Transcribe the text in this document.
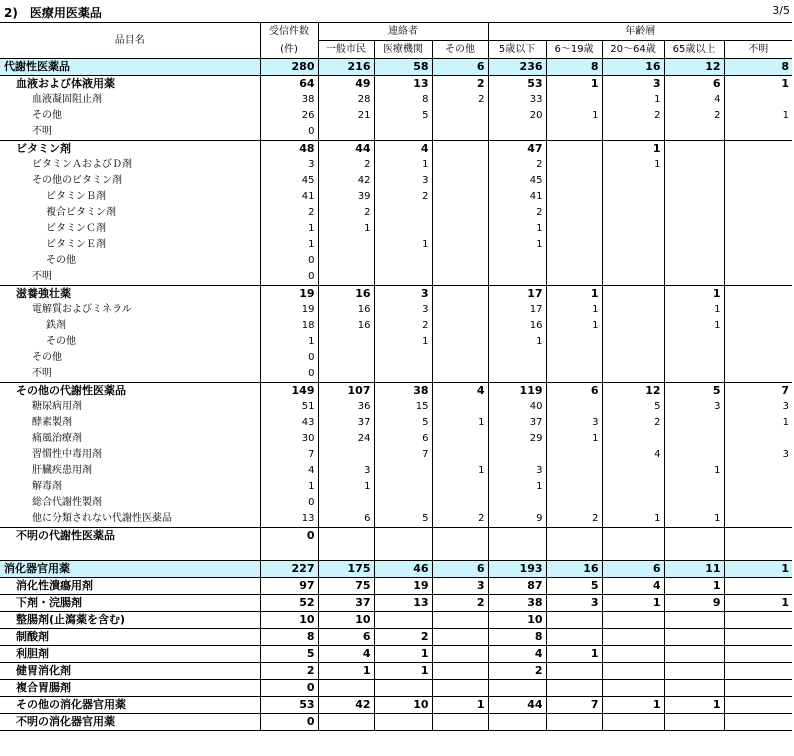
2)　医療用医薬品	3/5
品目名	受信件数	連絡者			年齢層				
	(件)	一般市民	医療機関	その他	5歳以下	6～19歳	20～64歳	65歳以上	不明
代謝性医薬品	280	216	58	6	236	8	16	12	8
血液および体液用薬	64	49	13	2	53	1	3	6	1
血液凝固阻止剤	38	28	8	2	33		1	4	
その他	26	21	5		20	1	2	2	1
不明	0								
ビタミン剤	48	44	4		47		1		
ビタミンＡおよびＤ剤	3	2	1		2		1		
その他のビタミン剤	45	42	3		45				
ビタミンＢ剤	41	39	2		41				
複合ビタミン剤	2	2			2				
ビタミンＣ剤	1	1			1				
ビタミンＥ剤	1		1		1				
その他	0								
不明	0								
滋養強壮薬	19	16	3		17	1		1	
電解質およびミネラル	19	16	3		17	1		1	
鉄剤	18	16	2		16	1		1	
その他	1		1		1				
その他	0								
不明	0								
その他の代謝性医薬品	149	107	38	4	119	6	12	5	7
糖尿病用剤	51	36	15		40		5	3	3
酵素製剤	43	37	5	1	37	3	2		1
痛風治療剤	30	24	6		29	1			
習慣性中毒用剤	7		7				4		3
肝臓疾患用剤	4	3		1	3			1	
解毒剤	1	1			1				
総合代謝性製剤	0								
他に分類されない代謝性医薬品	13	6	5	2	9	2	1	1	
不明の代謝性医薬品	0								

消化器官用薬	227	175	46	6	193	16	6	11	1
消化性潰瘍用剤	97	75	19	3	87	5	4	1	
下剤・浣腸剤	52	37	13	2	38	3	1	9	1
整腸剤(止瀉薬を含む)	10	10			10				
制酸剤	8	6	2		8				
利胆剤	5	4	1		4	1			
健胃消化剤	2	1	1		2				
複合胃腸剤	0								
その他の消化器官用薬	53	42	10	1	44	7	1	1	
不明の消化器官用薬	0								
